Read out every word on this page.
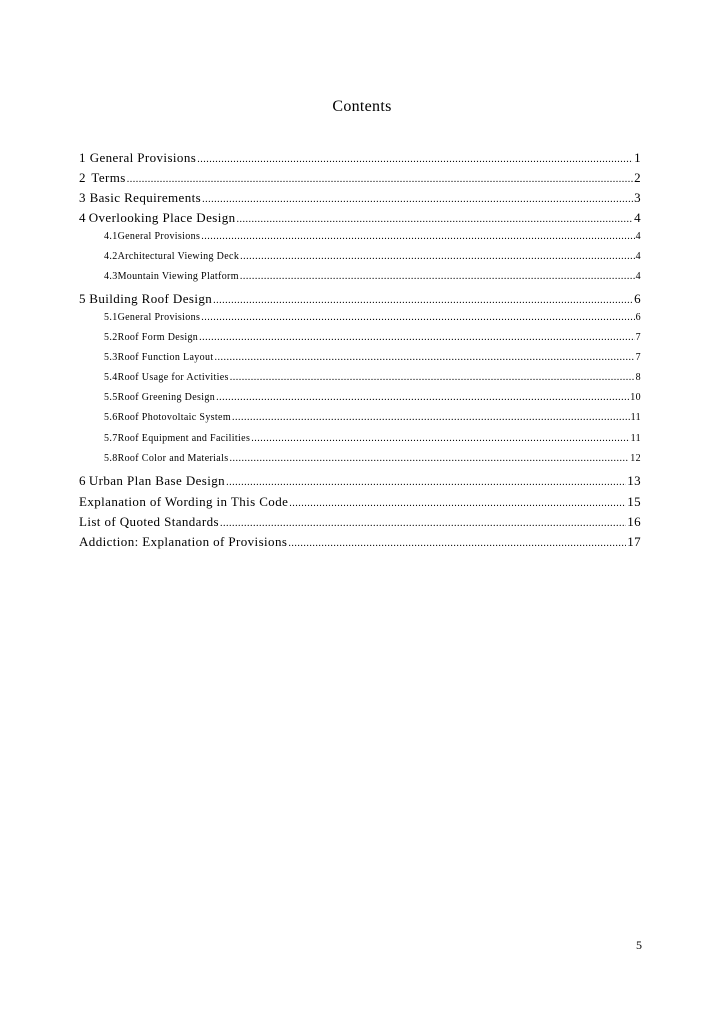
Contents
1 General Provisions .....	1
2 Terms .....	2
3 Basic Requirements .....	3
4 Overlooking Place Design .....	4
4.1 General Provisions .....	4
4.2 Architectural Viewing Deck .....	4
4.3 Mountain Viewing Platform .....	4
5 Building Roof Design .....	6
5.1 General Provisions .....	6
5.2 Roof Form Design .....	7
5.3 Roof Function Layout .....	7
5.4 Roof Usage for Activities .....	8
5.5 Roof Greening Design .....	10
5.6 Roof Photovoltaic System .....	11
5.7 Roof Equipment and Facilities .....	11
5.8 Roof Color and Materials .....	12
6 Urban Plan Base Design .....	13
Explanation of Wording in This Code .....	15
List of Quoted Standards .....	16
Addiction: Explanation of Provisions .....	17
5
